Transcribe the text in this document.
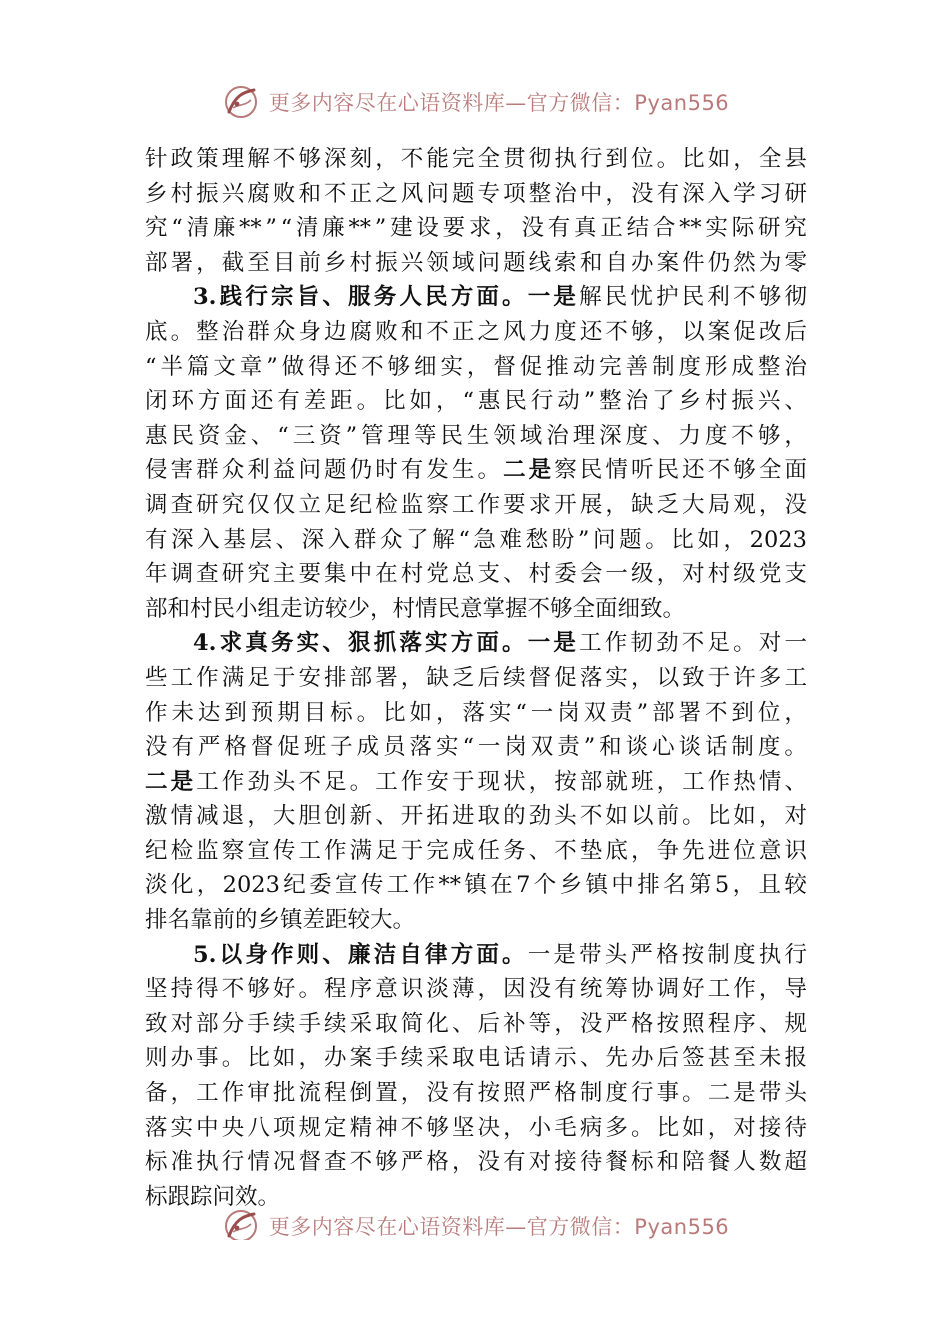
更多内容尽在心语资料库—官方微信：Pyan556
针 政 策 理 解 不 够 深 刻 ， 不 能 完 全 贯 彻 执 行 到 位 。 比 如 ， 全 县
乡 村 振 兴 腐 败 和 不 正 之 风 问 题 专 项 整 治 中 ， 没 有 深 入 学 习 研
究 “ 清 廉 ** ” “ 清 廉 ** ” 建 设 要 求 ， 没 有 真 正 结 合 ** 实 际 研 究
部 署 ， 截 至 目 前 乡 村 振 兴 领 域 问 题 线 索 和 自 办 案 件 仍 然 为 零
3. 践 行 宗 旨 、 服 务 人 民 方 面 。 一 是 解 民 忧 护 民 利 不 够 彻
底 。 整 治 群 众 身 边 腐 败 和 不 正 之 风 力 度 还 不 够 ， 以 案 促 改 后
“ 半 篇 文 章 ” 做 得 还 不 够 细 实 ， 督 促 推 动 完 善 制 度 形 成 整 治
闭 环 方 面 还 有 差 距 。 比 如 ， “ 惠 民 行 动 ” 整 治 了 乡 村 振 兴 、
惠 民 资 金 、 “ 三 资 ” 管 理 等 民 生 领 域 治 理 深 度 、 力 度 不 够 ，
侵 害 群 众 利 益 问 题 仍 时 有 发 生 。 二 是 察 民 情 听 民 还 不 够 全 面
调 查 研 究 仅 仅 立 足 纪 检 监 察 工 作 要 求 开 展 ， 缺 乏 大 局 观 ， 没
有 深 入 基 层 、 深 入 群 众 了 解 “ 急 难 愁 盼 ” 问 题 。 比 如 ， 2023
年 调 查 研 究 主 要 集 中 在 村 党 总 支 、 村 委 会 一 级 ， 对 村 级 党 支
部和村民小组走访较少，村情民意掌握不够全面细致。
4. 求 真 务 实 、 狠 抓 落 实 方 面 。 一 是 工 作 韧 劲 不 足 。 对 一
些 工 作 满 足 于 安 排 部 署 ， 缺 乏 后 续 督 促 落 实 ， 以 致 于 许 多 工
作 未 达 到 预 期 目 标 。 比 如 ， 落 实 “ 一 岗 双 责 ” 部 署 不 到 位 ，
没 有 严 格 督 促 班 子 成 员 落 实 “ 一 岗 双 责 ” 和 谈 心 谈 话 制 度 。
二 是 工 作 劲 头 不 足 。 工 作 安 于 现 状 ， 按 部 就 班 ， 工 作 热 情 、
激 情 减 退 ， 大 胆 创 新 、 开 拓 进 取 的 劲 头 不 如 以 前 。 比 如 ， 对
纪 检 监 察 宣 传 工 作 满 足 于 完 成 任 务 、 不 垫 底 ， 争 先 进 位 意 识
淡 化 ， 2023 纪 委 宣 传 工 作 ** 镇 在 7 个 乡 镇 中 排 名 第 5 ， 且 较
排名靠前的乡镇差距较大。
5. 以 身 作 则 、 廉 洁 自 律 方 面 。 一 是 带 头 严 格 按 制 度 执 行
坚 持 得 不 够 好 。 程 序 意 识 淡 薄 ， 因 没 有 统 筹 协 调 好 工 作 ， 导
致 对 部 分 手 续 手 续 采 取 简 化 、 后 补 等 ， 没 严 格 按 照 程 序 、 规
则 办 事 。 比 如 ， 办 案 手 续 采 取 电 话 请 示 、 先 办 后 签 甚 至 未 报
备 ， 工 作 审 批 流 程 倒 置 ， 没 有 按 照 严 格 制 度 行 事 。 二 是 带 头
落 实 中 央 八 项 规 定 精 神 不 够 坚 决 ， 小 毛 病 多 。 比 如 ， 对 接 待
标 准 执 行 情 况 督 查 不 够 严 格 ， 没 有 对 接 待 餐 标 和 陪 餐 人 数 超
标跟踪问效。
更多内容尽在心语资料库—官方微信：Pyan556
